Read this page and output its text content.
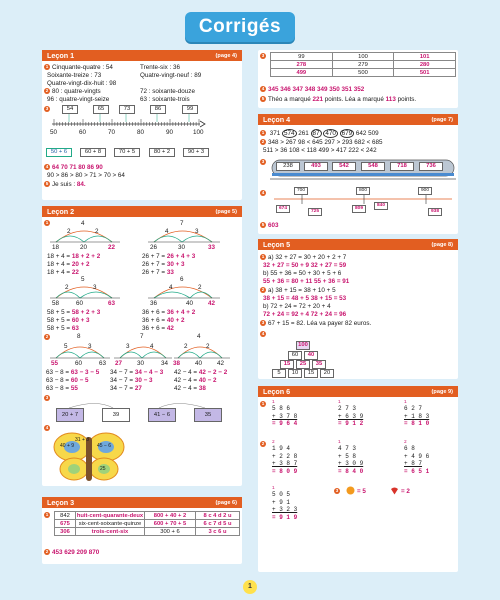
Corrigés
Leçon 1	(page 4)
1 Cinquante-quatre : 54	Trente-six : 36
Soixante-treize : 73	Quatre-vingt-neuf : 89
Quatre-vingt-dix-huit : 98
2 80 : quatre-vingts	72 : soixante-douze
96 : quatre-vingt-seize	63 : soixante-trois
3	54	65	73	86	99
50	60	70	80	90	100
50 + 6	60 + 8	70 + 5	80 + 2	90 + 3
4 64 70 71 80 86 90
90 > 86 > 80 > 71 > 70 > 64
5 Je suis : 84.
Leçon 2	(page 5)
1	4
2	2
7
4	3
18	20	22	26	30	33
18 + 4 = 18 + 2 + 2	26 + 7 = 26 + 4 + 3
18 + 4 = 20 + 2	26 + 7 = 30 + 3
18 + 4 = 22	26 + 7 = 33
5
2	3
6
4	2
58	60	63	36	40 42
58 + 5 = 58 + 2 + 3	36 + 6 = 36 + 4 + 2
58 + 5 = 60 + 3	36 + 6 = 40 + 2
58 + 5 = 63	36 + 6 = 42
2	8
5	3
7
3	4
4
2	2
55	60	63 27 30	34 38 40 42
63 − 8 = 63 − 3 − 5 34 − 7 = 34 − 4 − 3 42 − 4 = 42 − 2 − 2
63 − 8 = 60 − 5	34 − 7 = 30 − 3	42 − 4 = 40 − 2
63 − 8 = 55	34 − 7 = 27	42 − 4 = 38
3
20 + 7	39	41 − 6	35
4
40 + 9
31 + 8
45 − 6
25
Leçon 3	(page 6)
1	842	huit-cent-quarante-deux	800 + 40 + 2	8 c 4 d 2 u
675	six-cent-soixante-quinze	600 + 70 + 5	6 c 7 d 5 u
306	trois-cent-six	300 + 6	3 c 6 u
2 453 629 209 870
3	99	100	101
278	279	280
499	500	501
4 345 346 347 348 349 350 351 352
5 Théo a marqué 221 points. Léa a marqué 113 points.
Leçon 4	(page 7)
1 371 574 261 87 470 679 642 509
2 348 > 267 98 < 645 297 > 293 682 < 685
511 > 36 108 < 118 499 > 417 222 < 242
3
238	493	542	548	718	736
4	700	800	900
674
725
809
840
938
5 603
Leçon 5	(page 8)
1 a) 32 + 27 = 30 + 20 + 2 + 7
32 + 27 = 50 + 9 32 + 27 = 59
b) 55 + 36 = 50 + 30 + 5 + 6
55 + 36 = 80 + 11 55 + 36 = 91
2 a) 38 + 15 = 38 + 10 + 5
38 + 15 = 48 + 5 38 + 15 = 53
b) 72 + 24 = 72 + 20 + 4
72 + 24 = 92 + 4 72 + 24 = 96
3 67 + 15 = 82. Léa va payer 82 euros.
4
100
60	40
15	25	35
5	10	15	20
Leçon 6	(page 9)
1	1
5 8 6
+ 3 7 8
= 9 6 4
1
2 7 3
+ 6 3 9
= 9 1 2
1
6 2 7
+ 1 8 3
= 8 1 0
2	2
1 9 4
+ 2 2 8
+ 3 8 7
= 8 0 9
1
4 7 3
+ 5 8
+ 3 0 9
= 8 4 0
2
6 8
+ 4 9 6
+ 8 7
= 6 5 1
1
5 0 5
+ 9 1
+ 3 2 3
= 9 1 9
3	= 5	= 2
1
